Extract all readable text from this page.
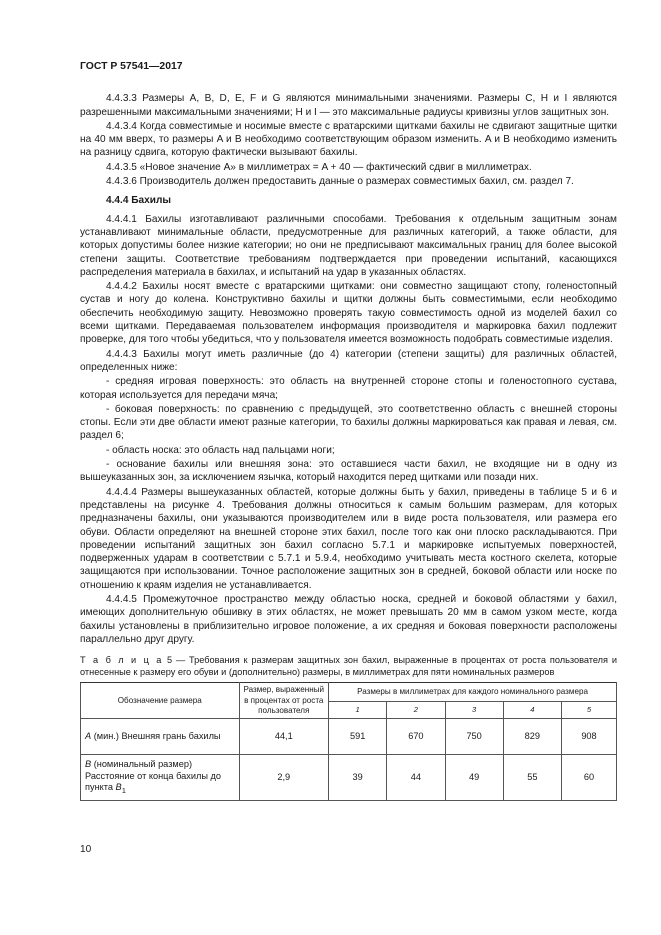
ГОСТ Р 57541—2017

4.4.3.3 Размеры A, B, D, E, F и G являются минимальными значениями. Размеры C, H и I являются разрешенными максимальными значениями; H и I — это максимальные радиусы кривизны углов защитных зон.

4.4.3.4 Когда совместимые и носимые вместе с вратарскими щитками бахилы не сдвигают защитные щитки на 40 мм вверх, то размеры A и B необходимо соответствующим образом изменить. A и B необходимо изменить на разницу сдвига, которую фактически вызывают бахилы.

4.4.3.5 «Новое значение A» в миллиметрах = A + 40 — фактический сдвиг в миллиметрах.

4.4.3.6 Производитель должен предоставить данные о размерах совместимых бахил, см. раздел 7.

4.4.4 Бахилы

4.4.4.1 Бахилы изготавливают различными способами. Требования к отдельным защитным зонам устанавливают минимальные области, предусмотренные для различных категорий, а также области, для которых допустимы более низкие категории; но они не предписывают максимальных границ для более высокой степени защиты. Соответствие требованиям подтверждается при проведении испытаний, касающихся распределения материала в бахилах, и испытаний на удар в указанных областях.

4.4.4.2 Бахилы носят вместе с вратарскими щитками: они совместно защищают стопу, голеностопный сустав и ногу до колена. Конструктивно бахилы и щитки должны быть совместимыми, если необходимо обеспечить необходимую защиту. Невозможно проверять такую совместимость одной из моделей бахил со всеми щитками. Передаваемая пользователем информация производителя и маркировка бахил подлежит проверке, для того чтобы убедиться, что у пользователя имеется возможность подобрать совместимые изделия.

4.4.4.3 Бахилы могут иметь различные (до 4) категории (степени защиты) для различных областей, определенных ниже:

- средняя игровая поверхность: это область на внутренней стороне стопы и голеностопного сустава, которая используется для передачи мяча;

- боковая поверхность: по сравнению с предыдущей, это соответственно область с внешней стороны стопы. Если эти две области имеют разные категории, то бахилы должны маркироваться как правая и левая, см. раздел 6;

- область носка: это область над пальцами ноги;

- основание бахилы или внешняя зона: это оставшиеся части бахил, не входящие ни в одну из вышеуказанных зон, за исключением язычка, который находится перед щитками или позади них.

4.4.4.4 Размеры вышеуказанных областей, которые должны быть у бахил, приведены в таблице 5 и 6 и представлены на рисунке 4. Требования должны относиться к самым большим размерам, для которых предназначены бахилы, они указываются производителем или в виде роста пользователя, или размера его обуви. Области определяют на внешней стороне этих бахил, после того как они плоско раскладываются. При проведении испытаний защитных зон бахил согласно 5.7.1 и маркировке испытуемых поверхностей, подверженных ударам в соответствии с 5.7.1 и 5.9.4, необходимо учитывать места костного скелета, которые защищаются при использовании. Точное расположение защитных зон в средней, боковой области или носке по отношению к краям изделия не устанавливается.

4.4.4.5 Промежуточное пространство между областью носка, средней и боковой областями у бахил, имеющих дополнительную обшивку в этих областях, не может превышать 20 мм в самом узком месте, когда бахилы установлены в приблизительно игровое положение, а их средняя и боковая поверхности расположены параллельно друг другу.

Т а б л и ц а 5 — Требования к размерам защитных зон бахил, выраженные в процентах от роста пользователя и отнесенные к размеру его обуви и (дополнительно) размеры, в миллиметрах для пяти номинальных размеров
Обозначение размера	Размер, выраженный в процентах от роста пользователя	Размеры в миллиметрах для каждого номинального размера				
		1	2	3	4	5
A (мин.) Внешняя грань бахилы	44,1	591	670	750	829	908
B (номинальный размер) Расстояние от конца бахилы до пункта $B_1$	2,9	39	44	49	55	60
10
